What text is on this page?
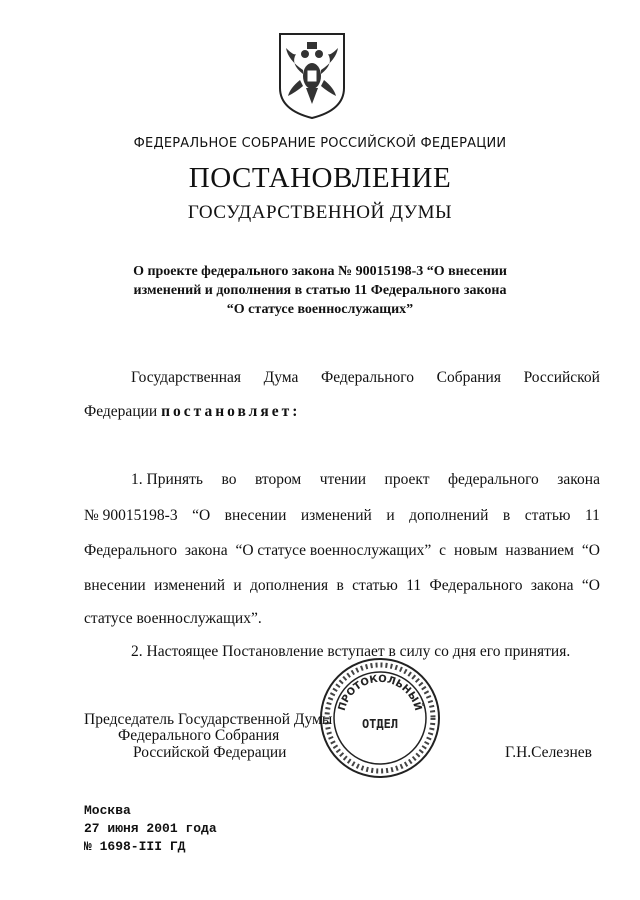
ФЕДЕРАЛЬНОЕ СОБРАНИЕ РОССИЙСКОЙ ФЕДЕРАЦИИ
ПОСТАНОВЛЕНИЕ
ГОСУДАРСТВЕННОЙ ДУМЫ
О проекте федерального закона № 90015198-3 “О внесении
изменений и дополнения в статью 11 Федерального закона
“О статусе военнослужащих”
Государственная Дума Федерального Собрания Российской
Федерации постановляет:
1. Принять во втором чтении проект федерального закона
№ 90015198-3 “О внесении изменений и дополнений в статью 11
Федерального закона “О статусе военнослужащих” с новым названием “О
внесении изменений и дополнения в статью 11 Федерального закона “О
статусе военнослужащих”.
2. Настоящее Постановление вступает в силу со дня его принятия.
ПРОТОКОЛЬНЫЙ
ОТДЕЛ
Председатель Государственной Думы
Федерального Собрания
Российской Федерации	Г.Н.Селезнев
Москва
27 июня 2001 года
№ 1698-III ГД
